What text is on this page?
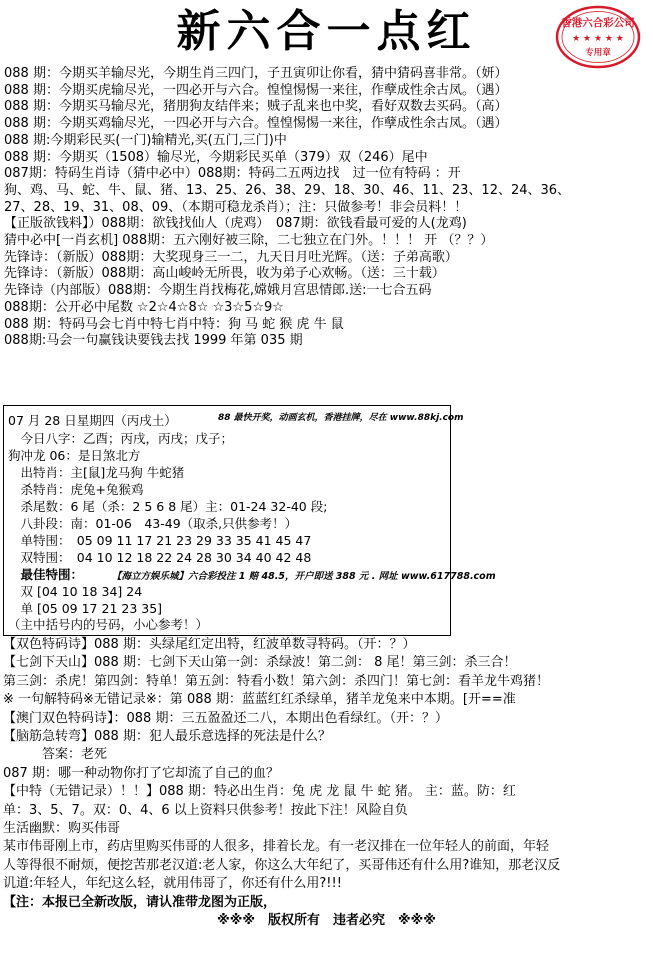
新六合一点红	香港六合彩公司
★ ★ ★ ★ ★
专用章
088 期：今期买羊输尽光，今期生肖三四门，子丑寅卯让你看，猜中猜码喜非常。（妍）
088 期：今期买虎输尽光，一四必开与六合。惶惶惕惕一来往，作孽成性余古凤。（遇）
088 期：今期买马输尽光，猪朋狗友结伴来；贼子乱来也中奖，看好双数去买码。（高）
088 期：今期买鸡输尽光，一四必开与六合。惶惶惕惕一来往，作孽成性余古凤。（遇）
088 期:今期彩民买(一门)输精光,买(五门,三门)中
088 期：今期买（1508）输尽光，今期彩民买单（379）双（246）尾中
087期：特码生肖诗（猜中必中）088期：特码二五两边找　过一位有特码 ：开
狗、鸡、马、蛇、牛、鼠、猪、13、25、26、38、29、18、30、46、11、23、12、24、36、
27、28、19、31、08、09、（本期可稳龙杀肖）；注：只做参考！非会员料！！
【正版欲钱料】）088期：欲钱找仙人（虎鸡）　087期：欲钱看最可爱的人(龙鸡)
猜中必中[一肖玄机] 088期：五六刚好被三除，二七独立在门外。！！！ 开 （？？）
先锋诗：（新版）088期：大奖现身三一二，九天日月吐光辉。（送：子弟高歌）
先锋诗：（新版）088期：高山峻岭无所畏，收为弟子心欢畅。（送：三十载）
先锋诗（内部版）088期：今期生肖找梅花,嫦娥月宫思情郎.送:一七合五码
088期：公开必中尾数 ☆2☆4☆8☆ ☆3☆5☆9☆
088 期：特码马会七肖中特七肖中特：狗 马 蛇 猴 虎 牛 鼠
088期:马会一句赢钱诀要钱去找 1999 年第 035 期
88 最快开奖，动画玄机，香港挂牌，尽在 www.88kj.com
【海立方娱乐城】六合彩投注 1 赔 48.5，开户即送 388 元 . 网址 www.617788.com
07 月 28 日星期四（丙戌土）
　今日八字：乙酉；丙戌，丙戌；戊子；
狗冲龙 06：是日煞北方
　出特肖：主[鼠]龙马狗 牛蛇猪
　杀特肖：虎兔+兔猴鸡
　杀尾数：6 尾（杀：2 5 6 8 尾）主：01-24 32-40 段;
　八卦段：南：01-06　43-49（取杀,只供参考！）
　单特围：　05 09 11 17 21 23 29 33 35 41 45 47
　双特围：　04 10 12 18 22 24 28 30 34 40 42 48
　最佳特围：
　双 [04 10 18 34] 24
　单 [05 09 17 21 23 35]
（主中括号内的号码，小心参考！）
【双色特码诗】088 期：头绿尾红定出特，红波单数寻特码。（开：？）
【七剑下天山】088 期：七剑下天山第一剑：杀绿波！第二剑： 8 尾！第三剑：杀三合！
第三剑：杀虎！第四剑：特单！第五剑：特看小数！第六剑：杀四门！第七剑：看羊龙牛鸡猪！
※ 一句解特码※无错记录※：第 088 期：蓝蓝红红杀绿单，猪羊龙兔来中本期。[开==准
【澳门双色特码诗】：088 期：三五盈盈还二八，本期出色看绿红。（开：？）
【脑筋急转弯】088 期：犯人最乐意选择的死法是什么？
　　　答案：老死
087 期：哪一种动物你打了它却流了自己的血？
【中特（无错记录）！！】088 期：特必出生肖：兔 虎 龙 鼠 牛 蛇 猪。 主：蓝。防：红
单：3、5、7。双：0、4、6 以上资料只供参考！按此下注！风险自负
生活幽默：购买伟哥
某市伟哥刚上市，药店里购买伟哥的人很多，排着长龙。有一老汉排在一位年轻人的前面，年轻
人等得很不耐烦，便挖苦那老汉道:老人家，你这么大年纪了，买哥伟还有什么用?谁知，那老汉反
讥道:年轻人，年纪这么轻，就用伟哥了，你还有什么用?!!!
【注：本报已全新改版，请认准带龙图为正版，
※※※　版权所有　违者必究　※※※
